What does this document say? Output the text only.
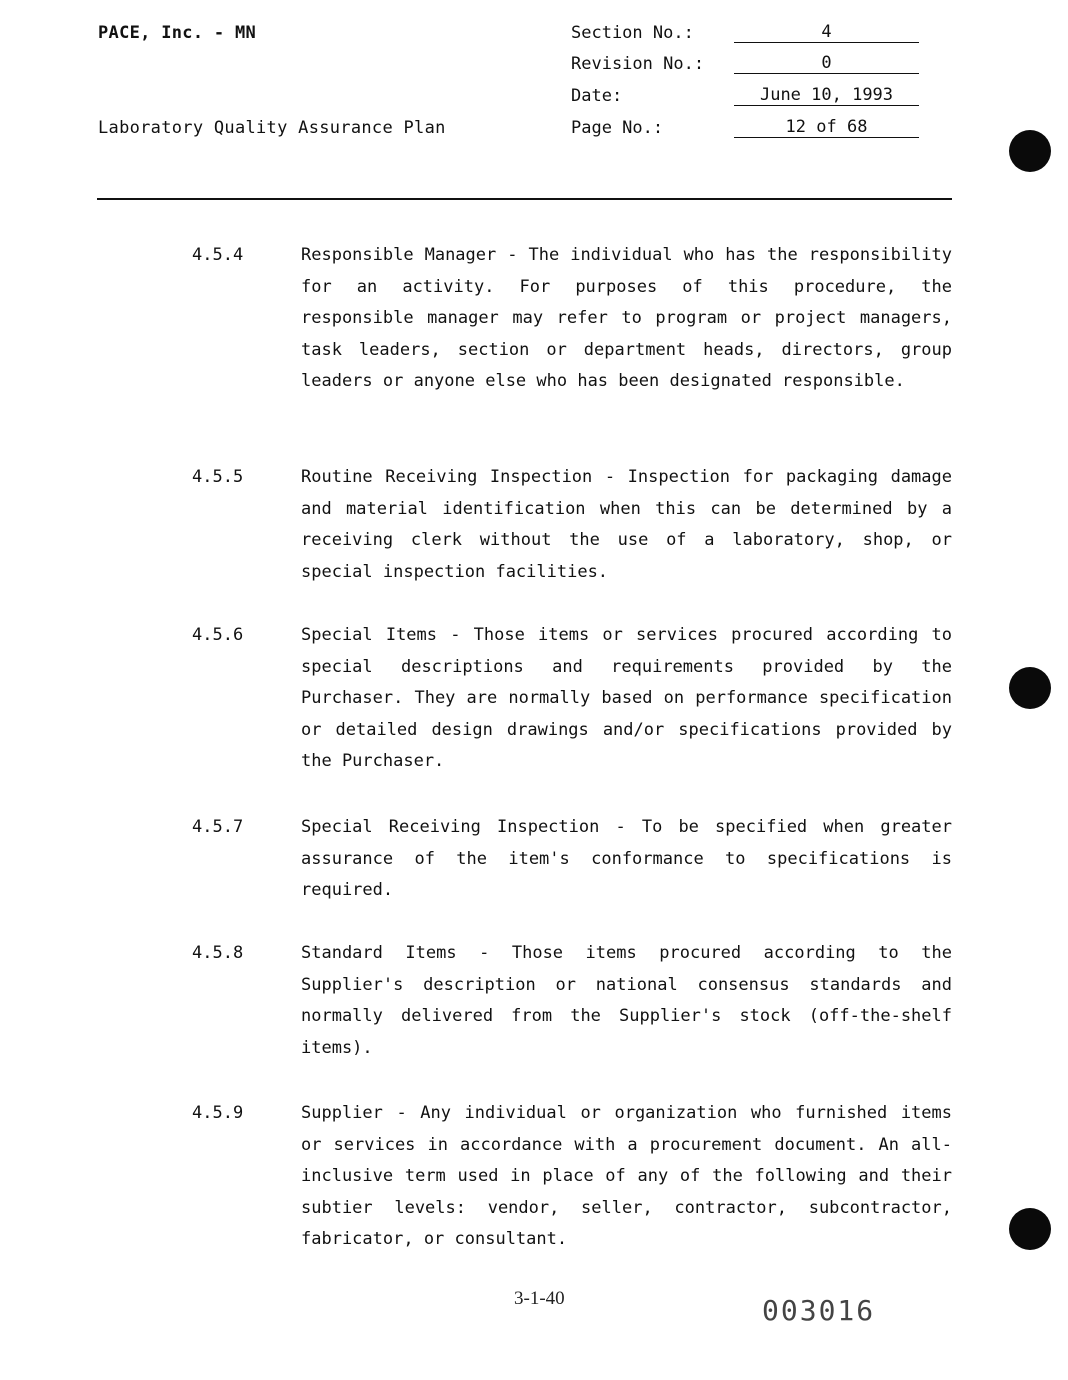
PACE, Inc. - MN
Laboratory Quality Assurance Plan
Section No.:	4
Revision No.:	0
Date:	June 10, 1993
Page No.:	12 of 68
4.5.4	Responsible Manager - The individual who has the responsibility for an activity. For purposes of this procedure, the responsible manager may refer to program or project managers, task leaders, section or department heads, directors, group leaders or anyone else who has been designated responsible.
4.5.5	Routine Receiving Inspection - Inspection for packaging damage and material identification when this can be determined by a receiving clerk without the use of a laboratory, shop, or special inspection facilities.
4.5.6	Special Items - Those items or services procured according to special descriptions and requirements provided by the Purchaser. They are normally based on performance specification or detailed design drawings and/or specifications provided by the Purchaser.
4.5.7	Special Receiving Inspection - To be specified when greater assurance of the item's conformance to specifications is required.
4.5.8	Standard Items - Those items procured according to the Supplier's description or national consensus standards and normally delivered from the Supplier's stock (off-the-shelf items).
4.5.9	Supplier - Any individual or organization who furnished items or services in accordance with a procurement document. An all-inclusive term used in place of any of the following and their subtier levels: vendor, seller, contractor, subcontractor, fabricator, or consultant.
3-1-40	003016
